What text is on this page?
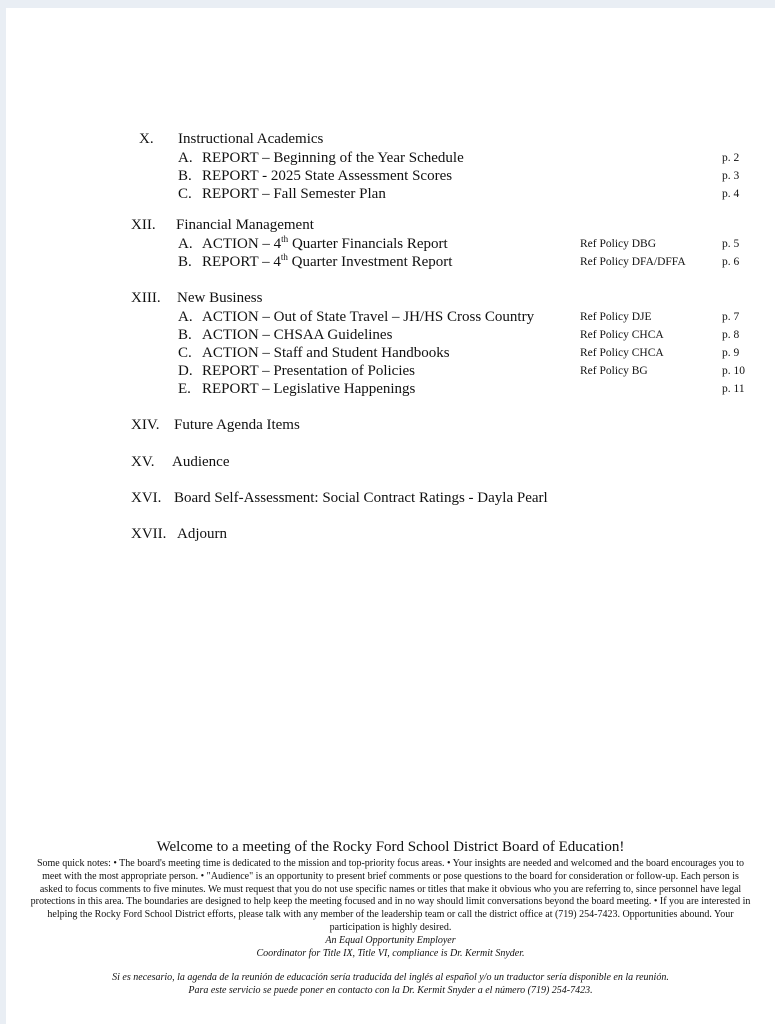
X. Instructional Academics
A. REPORT – Beginning of the Year Schedule	p. 2
B. REPORT - 2025 State Assessment Scores	p. 3
C. REPORT – Fall Semester Plan	p. 4
XII. Financial Management
A. ACTION – 4th Quarter Financials Report	Ref Policy DBG	p. 5
B. REPORT – 4th Quarter Investment Report	Ref Policy DFA/DFFA	p. 6
XIII. New Business
A. ACTION – Out of State Travel – JH/HS Cross Country	Ref Policy DJE	p. 7
B. ACTION – CHSAA Guidelines	Ref Policy CHCA	p. 8
C. ACTION – Staff and Student Handbooks	Ref Policy CHCA	p. 9
D. REPORT – Presentation of Policies	Ref Policy BG	p. 10
E. REPORT – Legislative Happenings	p. 11
XIV. Future Agenda Items
XV. Audience
XVI. Board Self-Assessment: Social Contract Ratings - Dayla Pearl
XVII. Adjourn
Welcome to a meeting of the Rocky Ford School District Board of Education!
Some quick notes: • The board's meeting time is dedicated to the mission and top-priority focus areas. • Your insights are needed and welcomed and the board encourages you to meet with the most appropriate person. • "Audience" is an opportunity to present brief comments or pose questions to the board for consideration or follow-up. Each person is asked to focus comments to five minutes. We must request that you do not use specific names or titles that make it obvious who you are referring to, since personnel have legal protections in this area. The boundaries are designed to help keep the meeting focused and in no way should limit conversations beyond the board meeting. • If you are interested in helping the Rocky Ford School District efforts, please talk with any member of the leadership team or call the district office at (719) 254-7423. Opportunities abound. Your participation is highly desired.
An Equal Opportunity Employer
Coordinator for Title IX, Title VI, compliance is Dr. Kermit Snyder.
Si es necesario, la agenda de la reunión de educación sería traducida del inglés al español y/o un traductor sería disponible en la reunión.
Para este servicio se puede poner en contacto con la Dr. Kermit Snyder a el número (719) 254-7423.
